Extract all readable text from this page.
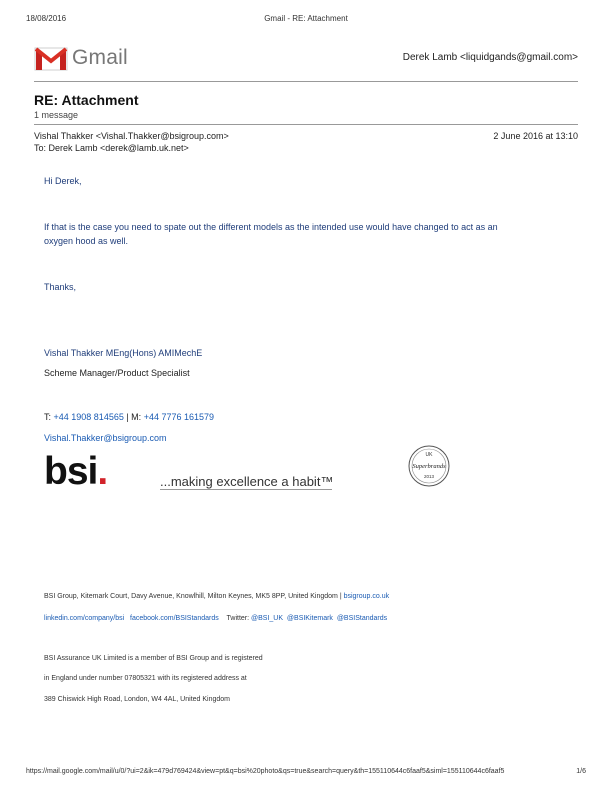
18/08/2016	Gmail - RE: Attachment
Gmail	Derek Lamb <liquidgands@gmail.com>
RE: Attachment
1 message
Vishal Thakker <Vishal.Thakker@bsigroup.com>	2 June 2016 at 13:10
To: Derek Lamb <derek@lamb.uk.net>
Hi Derek,
If that is the case you need to spate out the different models as the intended use would have changed to act as an
oxygen hood as well.
Thanks,
Vishal Thakker MEng(Hons) AMIMechE
Scheme Manager/Product Specialist
T: +44 1908 814565 | M: +44 7776 161579
Vishal.Thakker@bsigroup.com
bsi.	...making excellence a habit™
UK
Superbrands
2013
BSI Group, Kitemark Court, Davy Avenue, Knowlhill, Milton Keynes, MK5 8PP, United Kingdom | bsigroup.co.uk
linkedin.com/company/bsi facebook.com/BSIStandards Twitter: @BSI_UK @BSIKitemark @BSIStandards
BSI Assurance UK Limited is a member of BSI Group and is registered
in England under number 07805321 with its registered address at
389 Chiswick High Road, London, W4 4AL, United Kingdom
https://mail.google.com/mail/u/0/?ui=2&ik=479d769424&view=pt&q=bsi%20photo&qs=true&search=query&th=155110644c6faaf5&siml=155110644c6faaf5	1/6
